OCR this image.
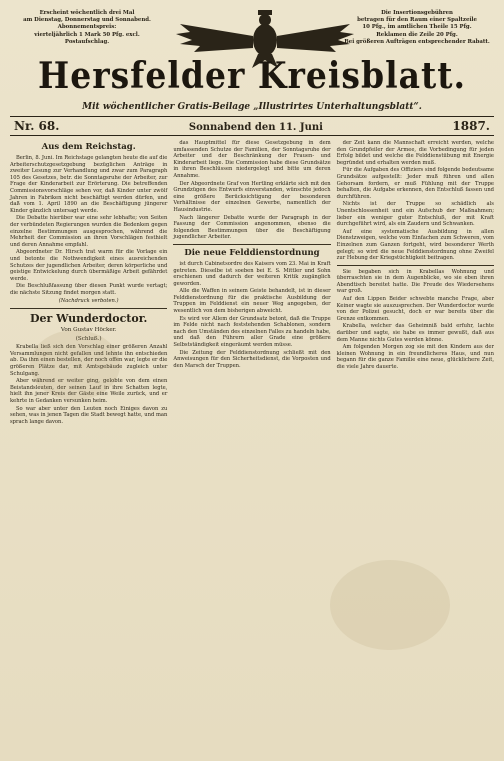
Erscheint wöchentlich drei Mal
am Dienstag, Donnerstag und Sonnabend.
Abonnementspreis:
vierteljährlich 1 Mark 50 Pfg. excl.
Postaufschlag.
Die Insertionsgebühren
betragen für den Raum einer Spaltzeile
10 Pfg., im amtlichen Theile 15 Pfg.
Reklamen die Zeile 20 Pfg.
Bei größeren Aufträgen entsprechender Rabatt.
Hersfelder Kreisblatt.
Mit wöchentlicher Gratis-Beilage „Illustrirtes Unterhaltungsblatt“.
Nr. 68.	Sonnabend den 11. Juni	1887.
Aus dem Reichstag.

Berlin, 8. Juni. Im Reichstage gelangten heute die auf die Arbeiterschutzgesetzgebung bezüglichen Anträge in zweiter Lesung zur Verhandlung und zwar zum Paragraph 105 des Gesetzes, betr. die Sonntagsruhe der Arbeiter, zur Frage der Kinderarbeit zur Erörterung. Die betreffenden Commissionsvorschläge sehen vor, daß Kinder unter zwölf Jahren in Fabriken nicht beschäftigt werden dürfen, und daß vom 1. April 1890 an die Beschäftigung jüngerer Kinder gänzlich untersagt werde.

Die Debatte hierüber war eine sehr lebhafte; von Seiten der verbündeten Regierungen wurden die Bedenken gegen einzelne Bestimmungen ausgesprochen, während die Mehrheit der Commission an ihren Vorschlägen festhielt und deren Annahme empfahl.

Abgeordneter Dr. Hirsch trat warm für die Vorlage ein und betonte die Nothwendigkeit eines ausreichenden Schutzes der jugendlichen Arbeiter, deren körperliche und geistige Entwickelung durch übermäßige Arbeit gefährdet werde.

Die Beschlußfassung über diesen Punkt wurde vertagt; die nächste Sitzung findet morgen statt.

(Nachdruck verboten.)
Der Wunderdoctor.
Von Gustav Höcker.
(Schluß.)

Krabella ließ sich den Vorschlag einer größeren Anzahl Versammlungen nicht gefallen und lehnte ihn entschieden ab. Da ihm einen bestellen, der noch offen war, legte er die größeren Plätze dar, mit Amtsgebäude zugleich unter Schulgang.

Aber während er weiter ging, gelobte von dem einen Beistandsleuten, der seinen Lauf in ihre Schatten legte, hielt ihn jener Kreis der Gäste eine Weile zurück, und er kehrte in Gedanken versunken heim.

So war aber unter den Leuten noch Einiges davon zu sehen, was in jenen Tagen die Stadt bewegt hatte, und man sprach lange davon.

das Hauptmittel für diese Gesetzgebung in dem umfassenden Schutze der Familien, der Sonntagsruhe der Arbeiter und der Beschränkung der Frauen- und Kinderarbeit liege. Die Commission habe diese Grundsätze in ihren Beschlüssen niedergelegt und bitte um deren Annahme.

Der Abgeordnete Graf von Hertling erklärte sich mit den Grundzügen des Entwurfs einverstanden, wünschte jedoch eine größere Berücksichtigung der besonderen Verhältnisse der einzelnen Gewerbe, namentlich der Hausindustrie.

Nach längerer Debatte wurde der Paragraph in der Fassung der Commission angenommen, ebenso die folgenden Bestimmungen über die Beschäftigung jugendlicher Arbeiter.

Die neue Felddienstordnung

ist durch Cabinetsordre des Kaisers vom 23. Mai in Kraft getreten. Dieselbe ist soeben bei E. S. Mittler und Sohn erschienen und dadurch der weiteren Kritik zugänglich geworden.

Alle die Waffen in seinem Geiste behandelt, ist in dieser Felddienstordnung für die praktische Ausbildung der Truppen im Felddienst ein neuer Weg angegeben, der wesentlich von dem bisherigen abweicht.

Es wird vor Allem der Grundsatz betont, daß die Truppe im Felde nicht nach feststehenden Schablonen, sondern nach den Umständen des einzelnen Falles zu handeln habe, und daß den Führern aller Grade eine größere Selbstständigkeit eingeräumt werden müsse.

Die Zeitung der Felddienstordnung schließt mit den Anweisungen für den Sicherheitsdienst, die Vorposten und den Marsch der Truppen.

der Zeit kann die Mannschaft erreicht werden, welche den Grundpfeiler der Armee, die Vorbedingung für jeden Erfolg bildet und welche die Felddienstübung mit Energie begründet und erhalten werden muß.

Für die Aufgaben des Offiziers sind folgende bedeutsame Grundsätze aufgestellt: Jeder muß führen und allen Gehorsam fordern, er muß Fühlung mit der Truppe behalten, die Aufgabe erkennen, den Entschluß fassen und durchführen.

Nichts ist der Truppe so schädlich als Unentschlossenheit und ein Aufschub der Maßnahmen; lieber ein weniger guter Entschluß, der mit Kraft durchgeführt wird, als ein Zaudern und Schwanken.

Auf eine systematische Ausbildung in allen Dienstzweigen, welche vom Einfachen zum Schweren, vom Einzelnen zum Ganzen fortgeht, wird besonderer Werth gelegt; so wird die neue Felddienstordnung ohne Zweifel zur Hebung der Kriegstüchtigkeit beitragen.

Sie begaben sich in Krabellas Wohnung und überraschten sie in dem Augenblicke, wo sie eben ihren Abendtisch bereitet hatte. Die Freude des Wiedersehens war groß.

Auf den Lippen Beider schwebte manche Frage, aber Keiner wagte sie auszusprechen. Der Wunderdoctor wurde von der Polizei gesucht, doch er war bereits über die Grenze entkommen.

Krabella, welcher das Geheimniß bald erfuhr, lachte darüber und sagte, sie habe es immer gewußt, daß aus dem Manne nichts Gutes werden könne.

Am folgenden Morgen zog sie mit den Kindern aus der kleinen Wohnung in ein freundlicheres Haus, und nun begann für die ganze Familie eine neue, glücklichere Zeit, die viele Jahre dauerte.
